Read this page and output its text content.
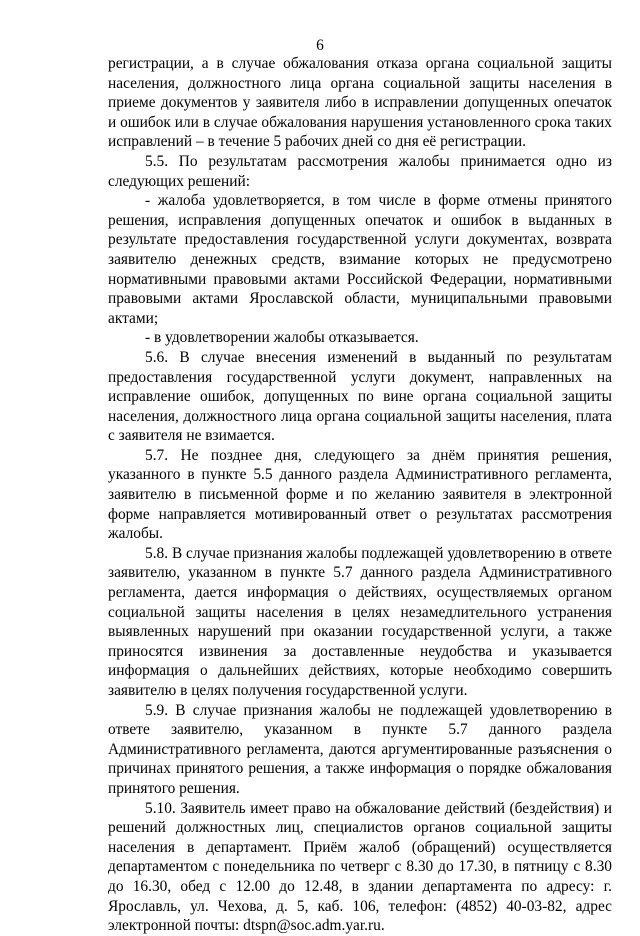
6

регистрации, а в случае обжалования отказа органа социальной защиты населения, должностного лица органа социальной защиты населения в приеме документов у заявителя либо в исправлении допущенных опечаток и ошибок или в случае обжалования нарушения установленного срока таких исправлений – в течение 5 рабочих дней со дня её регистрации.

5.5. По результатам рассмотрения жалобы принимается одно из следующих решений:

- жалоба удовлетворяется, в том числе в форме отмены принятого решения, исправления допущенных опечаток и ошибок в выданных в результате предоставления государственной услуги документах, возврата заявителю денежных средств, взимание которых не предусмотрено нормативными правовыми актами Российской Федерации, нормативными правовыми актами Ярославской области, муниципальными правовыми актами;

- в удовлетворении жалобы отказывается.

5.6. В случае внесения изменений в выданный по результатам предоставления государственной услуги документ, направленных на исправление ошибок, допущенных по вине органа социальной защиты населения, должностного лица органа социальной защиты населения, плата с заявителя не взимается.

5.7. Не позднее дня, следующего за днём принятия решения, указанного в пункте 5.5 данного раздела Административного регламента, заявителю в письменной форме и по желанию заявителя в электронной форме направляется мотивированный ответ о результатах рассмотрения жалобы.

5.8. В случае признания жалобы подлежащей удовлетворению в ответе заявителю, указанном в пункте 5.7 данного раздела Административного регламента, дается информация о действиях, осуществляемых органом социальной защиты населения в целях незамедлительного устранения выявленных нарушений при оказании государственной услуги, а также приносятся извинения за доставленные неудобства и указывается информация о дальнейших действиях, которые необходимо совершить заявителю в целях получения государственной услуги.

5.9. В случае признания жалобы не подлежащей удовлетворению в ответе заявителю, указанном в пункте 5.7 данного раздела Административного регламента, даются аргументированные разъяснения о причинах принятого решения, а также информация о порядке обжалования принятого решения.

5.10. Заявитель имеет право на обжалование действий (бездействия) и решений должностных лиц, специалистов органов социальной защиты населения в департамент. Приём жалоб (обращений) осуществляется департаментом с понедельника по четверг с 8.30 до 17.30, в пятницу с 8.30 до 16.30, обед с 12.00 до 12.48, в здании департамента по адресу: г. Ярославль, ул. Чехова, д. 5, каб. 106, телефон: (4852) 40-03-82, адрес электронной почты: dtspn@soc.adm.yar.ru.
